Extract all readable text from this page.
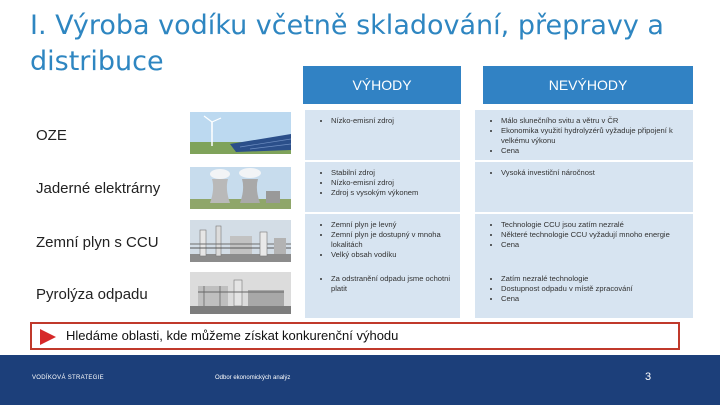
I. Výroba vodíku včetně skladování, přepravy a distribuce
VÝHODY	NEVÝHODY
OZE
• Nízko-emisní zdroj
•	Málo slunečního svitu a větru v ČR
• Ekonomika využití hydrolyzérů vyžaduje připojení k velkému výkonu
• Cena
Jaderné elektrárny
• Stabilní zdroj
• Nízko-emisní zdroj
• Zdroj s vysokým výkonem
• Vysoká investiční náročnost
Zemní plyn s CCU
• Zemní plyn je levný
• Zemní plyn je dostupný v mnoha lokalitách
• Velký obsah vodíku
• Technologie CCU jsou zatím nezralé
• Některé technologie CCU vyžadují mnoho energie
• Cena
Pyrolýza odpadu
• Za odstranění odpadu jsme ochotni platit
• Zatím nezralé technologie
• Dostupnost odpadu v místě zpracování
• Cena
Hledáme oblasti, kde můžeme získat konkurenční výhodu
VODÍKOVÁ STRATEGIE	Odbor ekonomických analýz	3
